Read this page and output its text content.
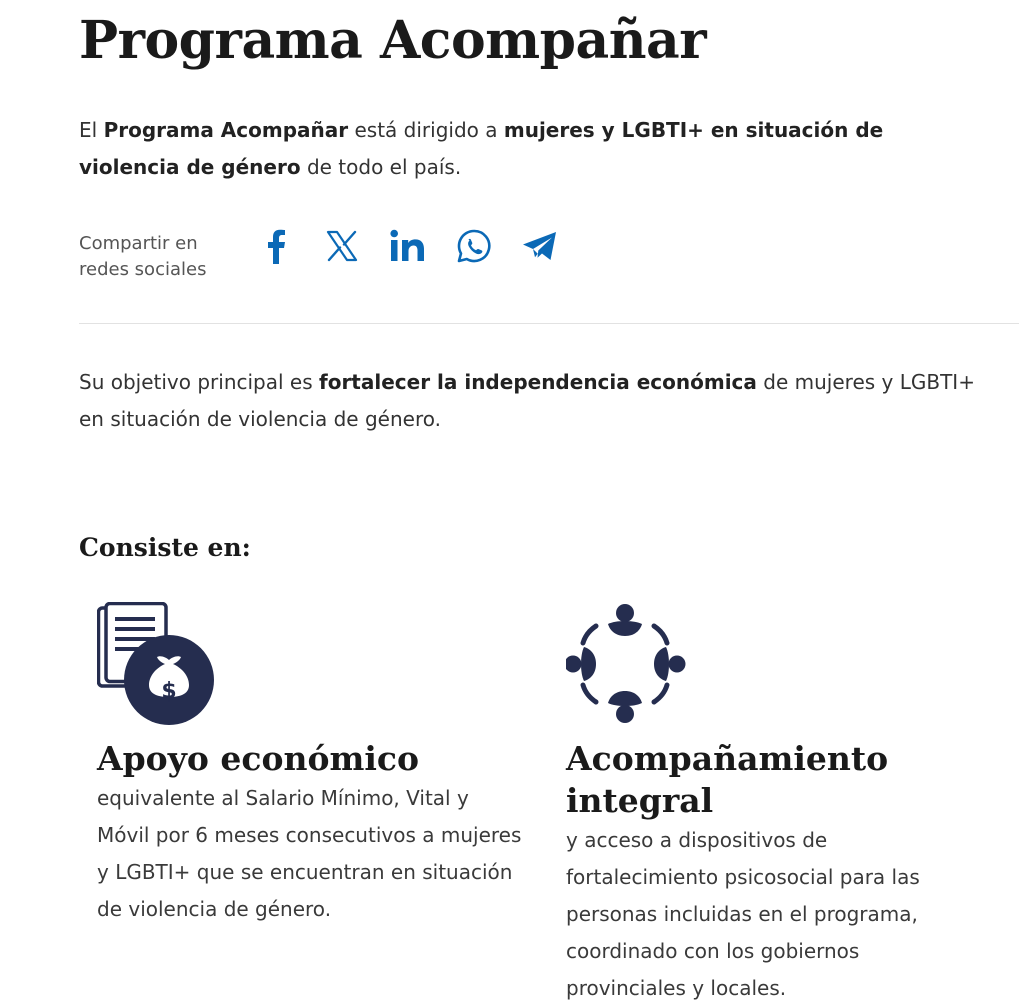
Programa Acompañar

El Programa Acompañar está dirigido a mujeres y LGBTI+ en situación de violencia de género de todo el país.

Compartir en redes sociales

Su objetivo principal es fortalecer la independencia económica de mujeres y LGBTI+ en situación de violencia de género.

Consiste en:
$
Apoyo económico

equivalente al Salario Mínimo, Vital y Móvil por 6 meses consecutivos a mujeres y LGBTI+ que se encuentran en situación de violencia de género.

Acompañamiento integral

y acceso a dispositivos de fortalecimiento psicosocial para las personas incluidas en el programa, coordinado con los gobiernos provinciales y locales.
